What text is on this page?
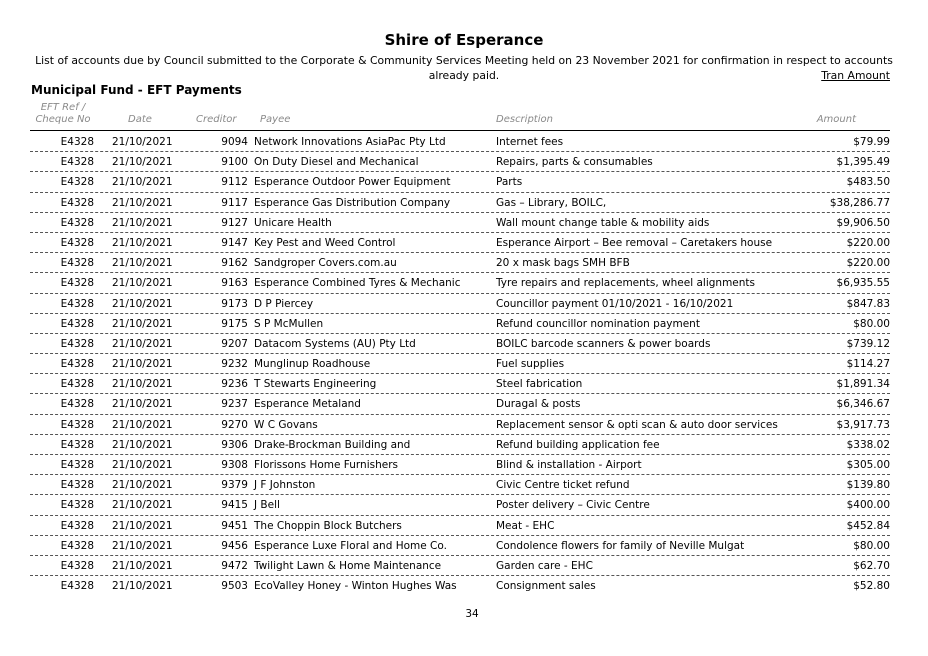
Shire of Esperance
List of accounts due by Council submitted to the Corporate & Community Services Meeting held on 23 November 2021 for confirmation in respect to accounts already paid.	Tran Amount
Municipal Fund - EFT Payments
EFT Ref / Cheque No	Date	Creditor Payee	Description	Amount
E4328 21/10/2021	9094 Network Innovations AsiaPac Pty Ltd	Internet fees	$79.99
E4328 21/10/2021	9100 On Duty Diesel and Mechanical	Repairs, parts & consumables	$1,395.49
E4328 21/10/2021	9112 Esperance Outdoor Power Equipment	Parts	$483.50
E4328 21/10/2021	9117 Esperance Gas Distribution Company	Gas – Library, BOILC,	$38,286.77
E4328 21/10/2021	9127 Unicare Health	Wall mount change table & mobility aids	$9,906.50
E4328 21/10/2021	9147 Key Pest and Weed Control	Esperance Airport – Bee removal – Caretakers house	$220.00
E4328 21/10/2021	9162 Sandgroper Covers.com.au	20 x mask bags SMH BFB	$220.00
E4328 21/10/2021	9163 Esperance Combined Tyres & Mechanic	Tyre repairs and replacements, wheel alignments	$6,935.55
E4328 21/10/2021	9173 D P Piercey	Councillor payment 01/10/2021 - 16/10/2021	$847.83
E4328 21/10/2021	9175 S P McMullen	Refund councillor nomination payment	$80.00
E4328 21/10/2021	9207 Datacom Systems (AU) Pty Ltd	BOILC barcode scanners & power boards	$739.12
E4328 21/10/2021	9232 Munglinup Roadhouse	Fuel supplies	$114.27
E4328 21/10/2021	9236 T Stewarts Engineering	Steel fabrication	$1,891.34
E4328 21/10/2021	9237 Esperance Metaland	Duragal & posts	$6,346.67
E4328 21/10/2021	9270 W C Govans	Replacement sensor & opti scan & auto door services	$3,917.73
E4328 21/10/2021	9306 Drake-Brockman Building and	Refund building application fee	$338.02
E4328 21/10/2021	9308 Florissons Home Furnishers	Blind & installation - Airport	$305.00
E4328 21/10/2021	9379 J F Johnston	Civic Centre ticket refund	$139.80
E4328 21/10/2021	9415 J Bell	Poster delivery – Civic Centre	$400.00
E4328 21/10/2021	9451 The Choppin Block Butchers	Meat - EHC	$452.84
E4328 21/10/2021	9456 Esperance Luxe Floral and Home Co.	Condolence flowers for family of Neville Mulgat	$80.00
E4328 21/10/2021	9472 Twilight Lawn & Home Maintenance	Garden care - EHC	$62.70
E4328 21/10/2021	9503 EcoValley Honey - Winton Hughes Was	Consignment sales	$52.80
34
